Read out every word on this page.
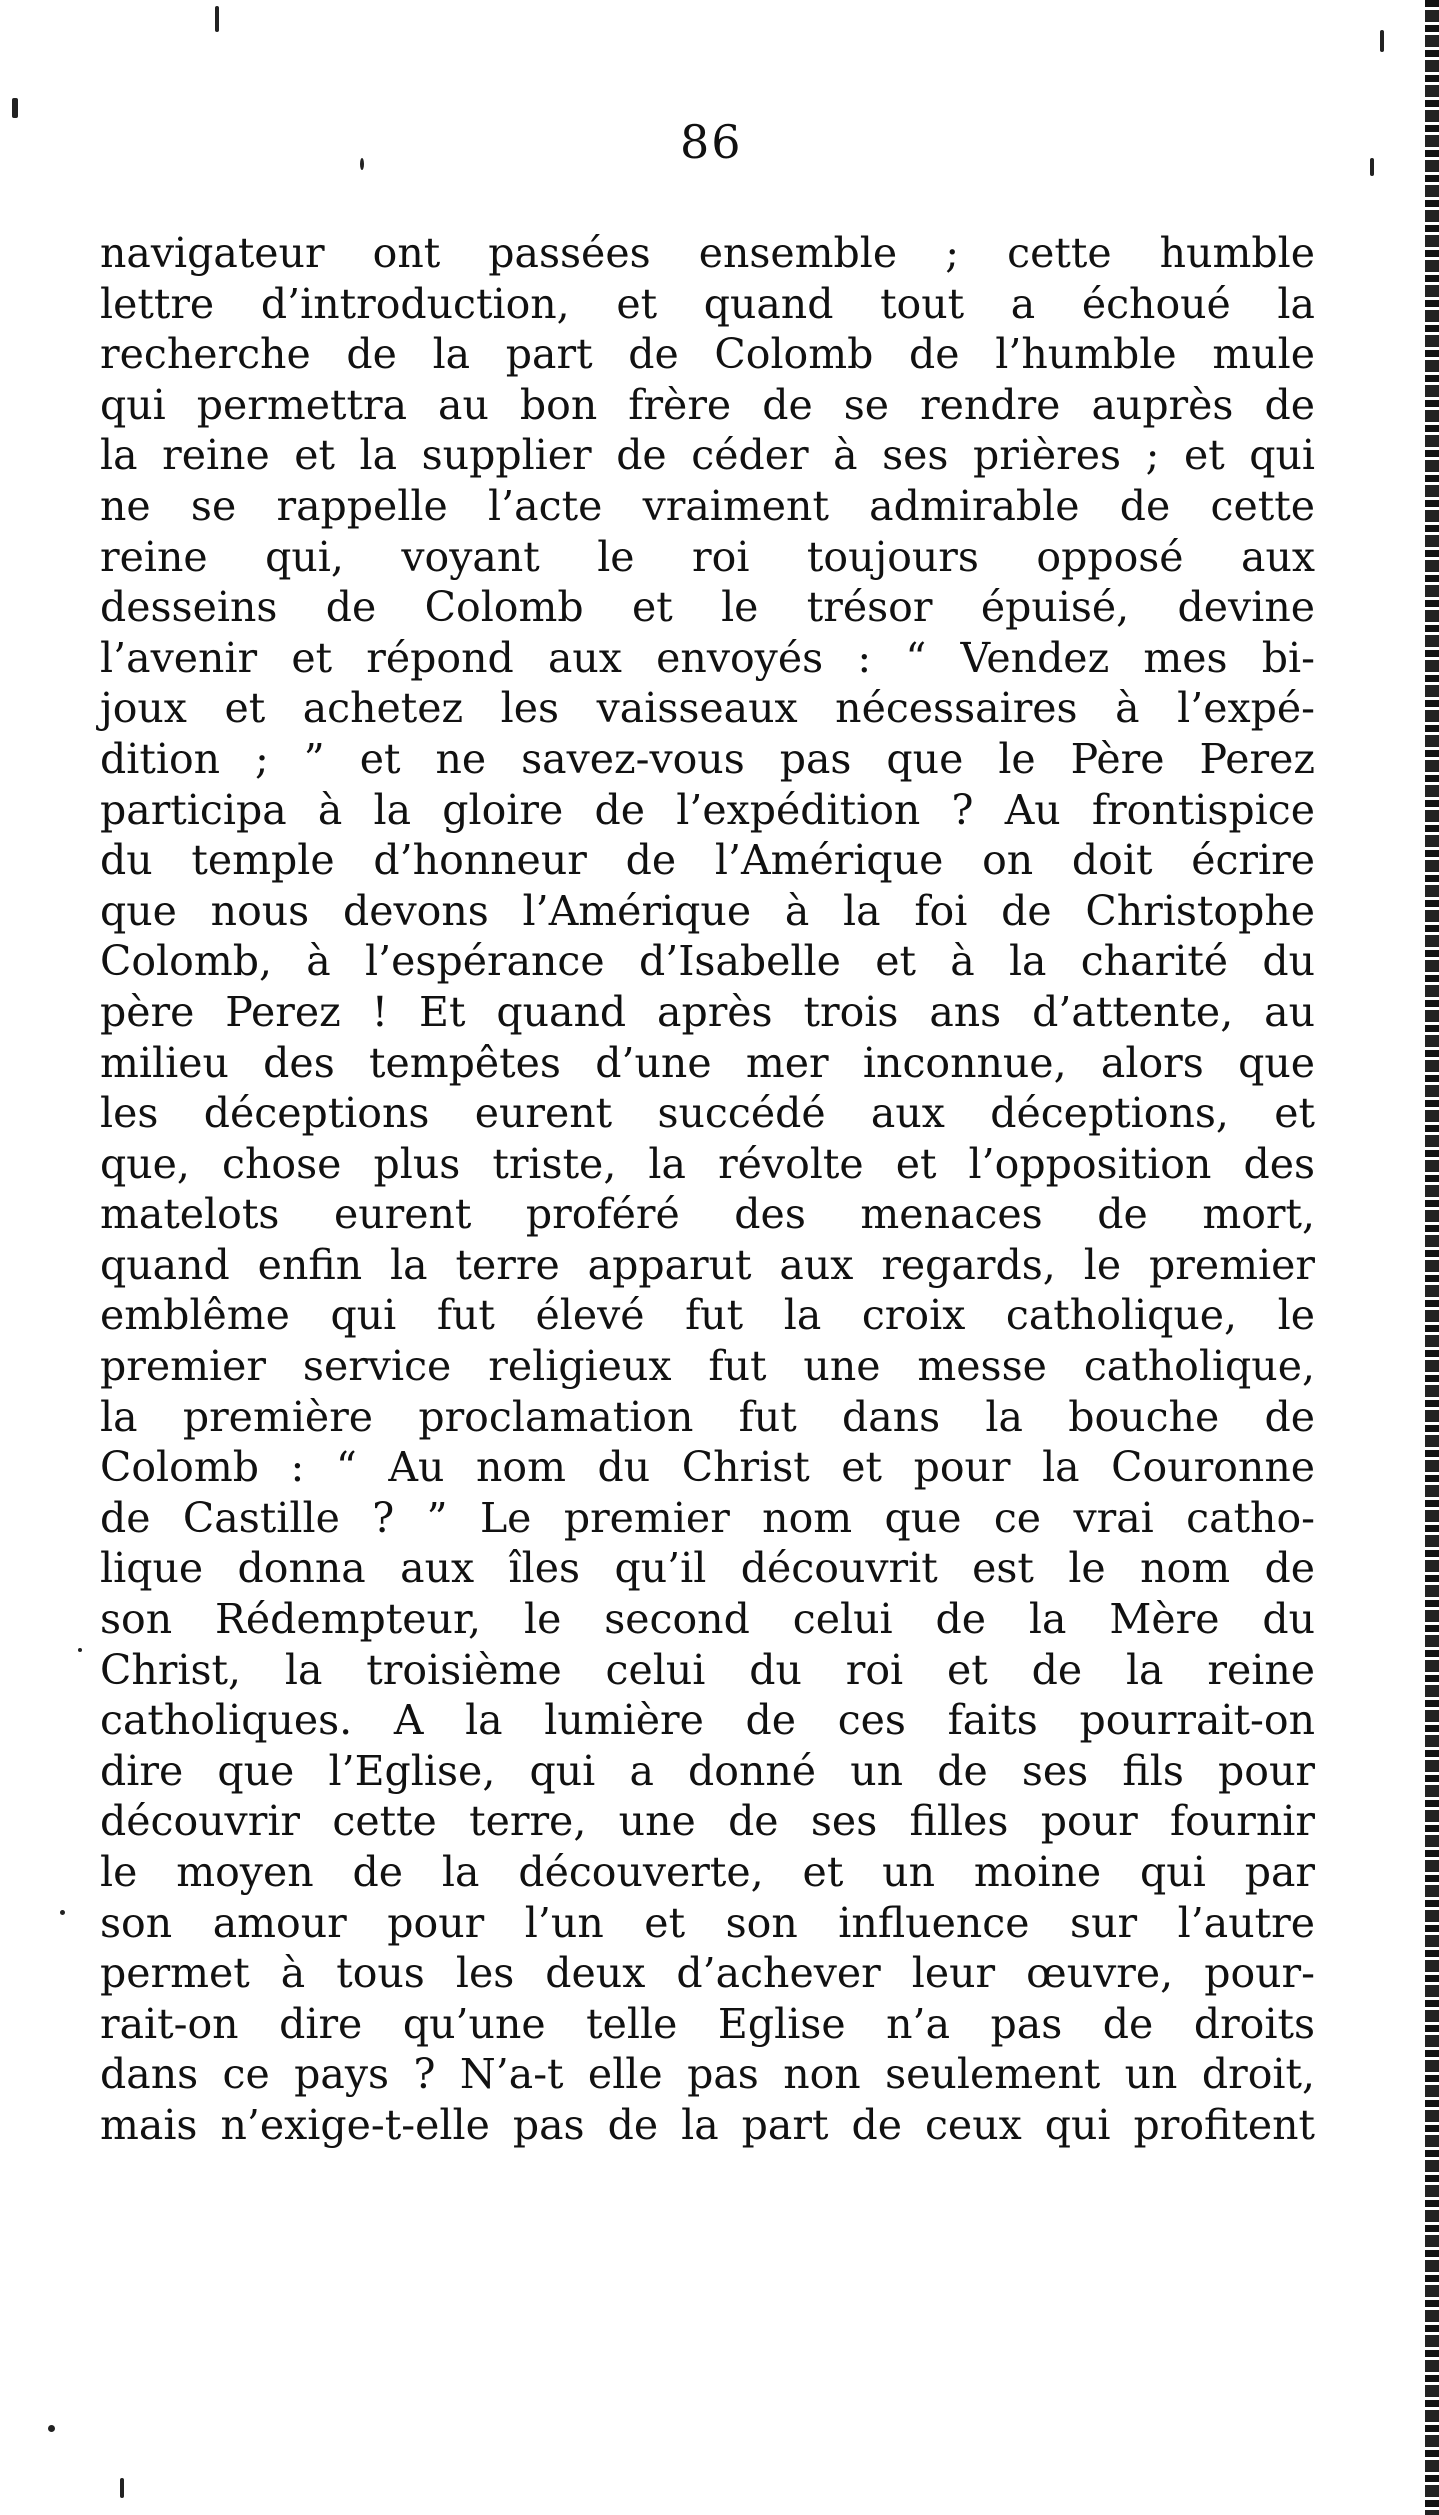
86
navigateur ont passées ensemble ; cette humble
lettre d’introduction, et quand tout a échoué la
recherche de la part de Colomb de l’humble mule
qui permettra au bon frère de se rendre auprès de
la reine et la supplier de céder à ses prières ; et qui
ne se rappelle l’acte vraiment admirable de cette
reine qui, voyant le roi toujours opposé aux
desseins de Colomb et le trésor épuisé, devine
l’avenir et répond aux envoyés : “ Vendez mes bi-
joux et achetez les vaisseaux nécessaires à l’expé-
dition ; ” et ne savez-vous pas que le Père Perez
participa à la gloire de l’expédition ? Au frontispice
du temple d’honneur de l’Amérique on doit écrire
que nous devons l’Amérique à la foi de Christophe
Colomb, à l’espérance d’Isabelle et à la charité du
père Perez ! Et quand après trois ans d’attente, au
milieu des tempêtes d’une mer inconnue, alors que
les déceptions eurent succédé aux déceptions, et
que, chose plus triste, la révolte et l’opposition des
matelots eurent proféré des menaces de mort,
quand enfin la terre apparut aux regards, le premier
emblême qui fut élevé fut la croix catholique, le
premier service religieux fut une messe catholique,
la première proclamation fut dans la bouche de
Colomb : “ Au nom du Christ et pour la Couronne
de Castille ? ” Le premier nom que ce vrai catho-
lique donna aux îles qu’il découvrit est le nom de
son Rédempteur, le second celui de la Mère du
Christ, la troisième celui du roi et de la reine
catholiques. A la lumière de ces faits pourrait-on
dire que l’Eglise, qui a donné un de ses fils pour
découvrir cette terre, une de ses filles pour fournir
le moyen de la découverte, et un moine qui par
son amour pour l’un et son influence sur l’autre
permet à tous les deux d’achever leur œuvre, pour-
rait-on dire qu’une telle Eglise n’a pas de droits
dans ce pays ? N’a-t elle pas non seulement un droit,
mais n’exige-t-elle pas de la part de ceux qui profitent
